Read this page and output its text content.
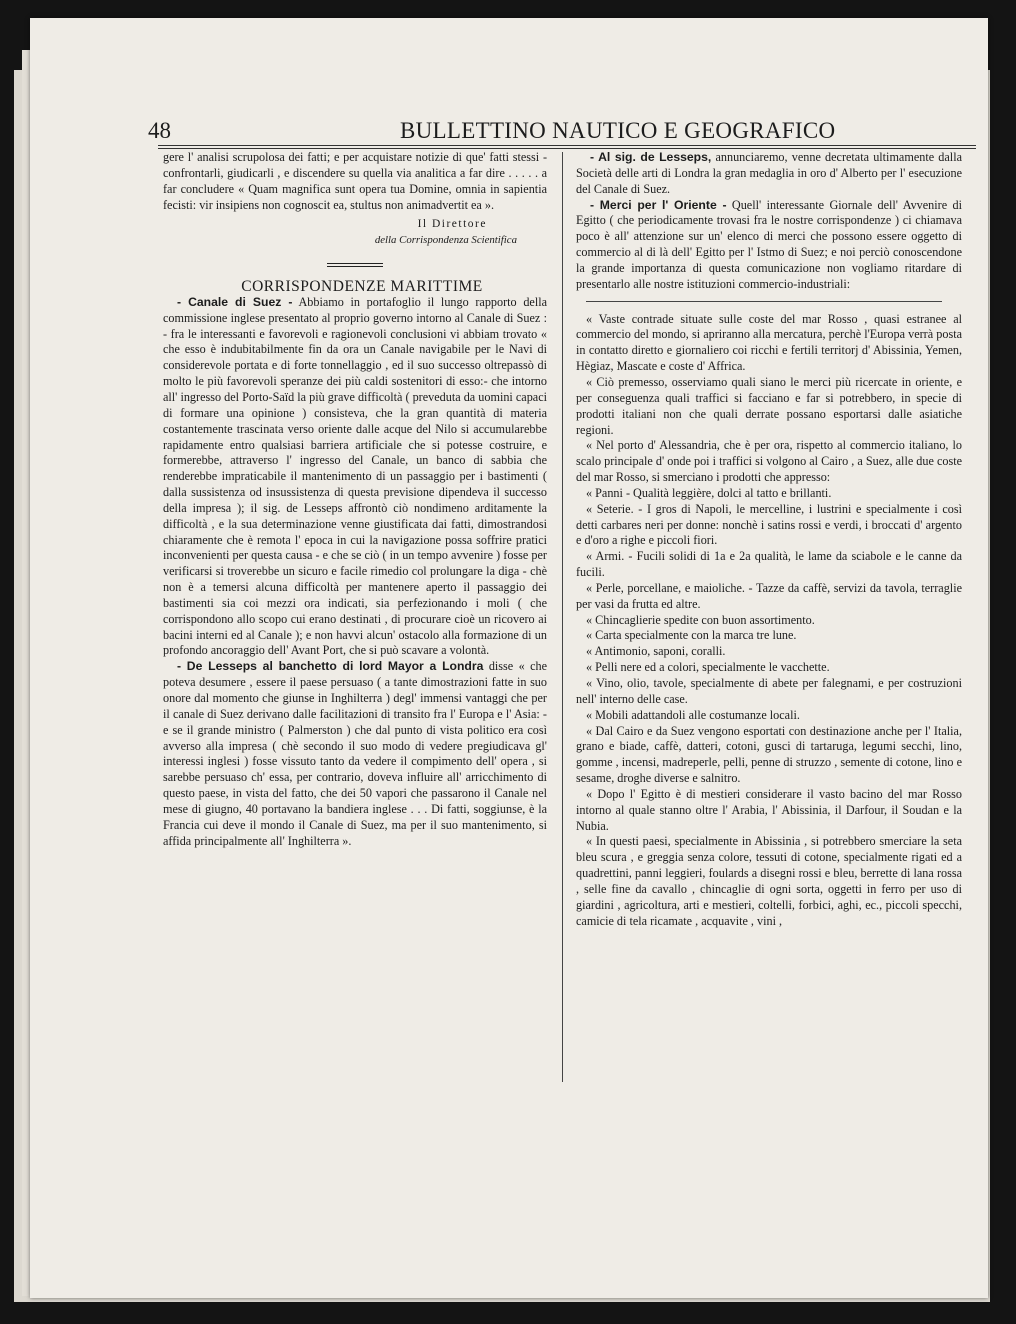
48	BULLETTINO NAUTICO E GEOGRAFICO

gere l' analisi scrupolosa dei fatti; e per acquistare notizie di que' fatti stessi - confrontarli, giudicarli , e discendere su quella via analitica a far dire . . . . . a far concludere « Quam magnifica sunt opera tua Domine, omnia in sapientia fecisti: vir insipiens non cognoscit ea, stultus non animadvertit ea ».

Il Direttore

della Corrispondenza Scientifica

CORRISPONDENZE MARITTIME

- Canale di Suez - Abbiamo in portafoglio il lungo rapporto della commissione inglese presentato al proprio governo intorno al Canale di Suez : - fra le interessanti e favorevoli e ragionevoli conclusioni vi abbiam trovato « che esso è indubitabilmente fin da ora un Canale navigabile per le Navi di considerevole portata e di forte tonnellaggio , ed il suo successo oltrepassò di molto le più favorevoli speranze dei più caldi sostenitori di esso:- che intorno all' ingresso del Porto-Saïd la più grave difficoltà ( preveduta da uomini capaci di formare una opinione ) consisteva, che la gran quantità di materia costantemente trascinata verso oriente dalle acque del Nilo si accumularebbe rapidamente entro qualsiasi barriera artificiale che si potesse costruire, e formerebbe, attraverso l' ingresso del Canale, un banco di sabbia che renderebbe impraticabile il mantenimento di un passaggio per i bastimenti ( dalla sussistenza od insussistenza di questa previsione dipendeva il successo della impresa ); il sig. de Lesseps affrontò ciò nondimeno arditamente la difficoltà , e la sua determinazione venne giustificata dai fatti, dimostrandosi chiaramente che è remota l' epoca in cui la navigazione possa soffrire pratici inconvenienti per questa causa - e che se ciò ( in un tempo avvenire ) fosse per verificarsi si troverebbe un sicuro e facile rimedio col prolungare la diga - chè non è a temersi alcuna difficoltà per mantenere aperto il passaggio dei bastimenti sia coi mezzi ora indicati, sia perfezionando i moli ( che corrispondono allo scopo cui erano destinati , di procurare cioè un ricovero ai bacini interni ed al Canale ); e non havvi alcun' ostacolo alla formazione di un profondo ancoraggio dell' Avant Port, che si può scavare a volontà.

- De Lesseps al banchetto di lord Mayor a Londra disse « che poteva desumere , essere il paese persuaso ( a tante dimostrazioni fatte in suo onore dal momento che giunse in Inghilterra ) degl' immensi vantaggi che per il canale di Suez derivano dalle facilitazioni di transito fra l' Europa e l' Asia: - e se il grande ministro ( Palmerston ) che dal punto di vista politico era così avverso alla impresa ( chè secondo il suo modo di vedere pregiudicava gl' interessi inglesi ) fosse vissuto tanto da vedere il compimento dell' opera , si sarebbe persuaso ch' essa, per contrario, doveva influire all' arricchimento di questo paese, in vista del fatto, che dei 50 vapori che passarono il Canale nel mese di giugno, 40 portavano la bandiera inglese . . . Di fatti, soggiunse, è la Francia cui deve il mondo il Canale di Suez, ma per il suo mantenimento, si affida principalmente all' Inghilterra ».

- Al sig. de Lesseps, annunciaremo, venne decretata ultimamente dalla Società delle arti di Londra la gran medaglia in oro d' Alberto per l' esecuzione del Canale di Suez.

- Merci per l' Oriente - Quell' interessante Giornale dell' Avvenire di Egitto ( che periodicamente trovasi fra le nostre corrispondenze ) ci chiamava poco è all' attenzione sur un' elenco di merci che possono essere oggetto di commercio al di là dell' Egitto per l' Istmo di Suez; e noi perciò conoscendone la grande importanza di questa comunicazione non vogliamo ritardare di presentarlo alle nostre istituzioni commercio-industriali:

« Vaste contrade situate sulle coste del mar Rosso , quasi estranee al commercio del mondo, si apriranno alla mercatura, perchè l'Europa verrà posta in contatto diretto e giornaliero coi ricchi e fertili territorj d' Abissinia, Yemen, Hègiaz, Mascate e coste d' Affrica.

« Ciò premesso, osserviamo quali siano le merci più ricercate in oriente, e per conseguenza quali traffici si facciano e far si potrebbero, in specie di prodotti italiani non che quali derrate possano esportarsi dalle asiatiche regioni.

« Nel porto d' Alessandria, che è per ora, rispetto al commercio italiano, lo scalo principale d' onde poi i traffici si volgono al Cairo , a Suez, alle due coste del mar Rosso, si smerciano i prodotti che appresso:

« Panni - Qualità leggière, dolci al tatto e brillanti.

« Seterie. - I gros di Napoli, le mercelline, i lustrini e specialmente i così detti carbares neri per donne: nonchè i satins rossi e verdi, i broccati d' argento e d'oro a righe e piccoli fiori.

« Armi. - Fucili solidi di 1a e 2a qualità, le lame da sciabole e le canne da fucili.

« Perle, porcellane, e maioliche. - Tazze da caffè, servizi da tavola, terraglie per vasi da frutta ed altre.

« Chincaglierie spedite con buon assortimento.

« Carta specialmente con la marca tre lune.

« Antimonio, saponi, coralli.

« Pelli nere ed a colori, specialmente le vacchette.

« Vino, olio, tavole, specialmente di abete per falegnami, e per costruzioni nell' interno delle case.

« Mobili adattandoli alle costumanze locali.

« Dal Cairo e da Suez vengono esportati con destinazione anche per l' Italia, grano e biade, caffè, datteri, cotoni, gusci di tartaruga, legumi secchi, lino, gomme , incensi, madreperle, pelli, penne di struzzo , semente di cotone, lino e sesame, droghe diverse e salnitro.

« Dopo l' Egitto è di mestieri considerare il vasto bacino del mar Rosso intorno al quale stanno oltre l' Arabia, l' Abissinia, il Darfour, il Soudan e la Nubia.

« In questi paesi, specialmente in Abissinia , si potrebbero smerciare la seta bleu scura , e greggia senza colore, tessuti di cotone, specialmente rigati ed a quadrettini, panni leggieri, foulards a disegni rossi e bleu, berrette di lana rossa , selle fine da cavallo , chincaglie di ogni sorta, oggetti in ferro per uso di giardini , agricoltura, arti e mestieri, coltelli, forbici, aghi, ec., piccoli specchi, camicie di tela ricamate , acquavite , vini ,
